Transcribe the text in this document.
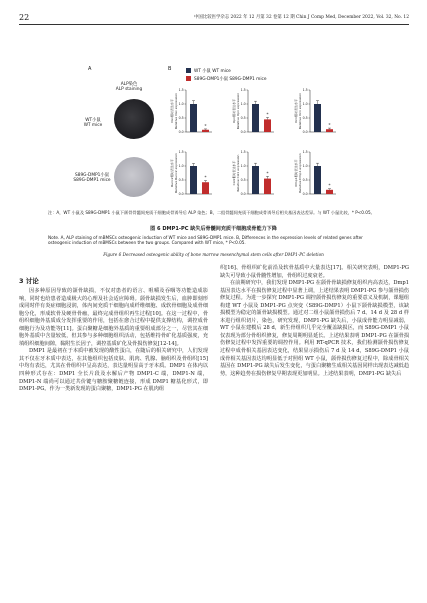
22	中国比较医学杂志 2022 年 12 月第 32 卷第 12 期 Chin J Comp Med, December 2022, Vol. 32, No. 12
A
ALP染色
ALP staining
WT小鼠
WT mice
S89G-DMP1小鼠
S89G-DMP1 mice
B	WT 小鼠 WT mice
S89G-DMP1小鼠 S89G-DMP1 mice
0.0
0.5
1.0
1.5
Osx相对表达水平 Relative Osx expression	*
0.0
0.5
1.0
1.5
Opn相对表达水平 Relative Opn expression	*
0.0
0.5
1.0
1.5
Ocn相对表达水平 Relative Ocn expression	*
0.0
0.5
1.0
1.5
Runx2相对表达水平 Relative Runx2 expression	*
0.0
0.5
1.0
1.5
Col1相对表达水平 Relative Col1 expression	*
0.0
0.5
1.0
1.5
Dmp1相对表达水平 Relative Dmp1 expression	*
注：A，WT 小鼠及 S89G-DMP1 小鼠下颌骨骨髓间充质干细胞成骨诱导后 ALP 染色；B，二组骨髓间充质干细胞成骨诱导后相关基因表达差异。与 WT 小鼠比较，* P<0.05。
图 6 DMP1-PC 缺失后骨髓间充质干细胞成骨能力下降
Note. A, ALP staining of mBMSCs osteogenic induction of WT mice and S89G-DMP1 mice. B, Differences in the expression levels of related genes after osteogenic induction of mBMSCs between the two groups. Compared with WT mice, * P<0.05.
Figure 6 Decreased osteogenic ability of bone marrow mesenchymal stem cells after DMP1-PC deletion
3 讨论

因多种原因导致的颌骨缺损，不仅对患者的语言、咀嚼及吞咽等功能造成影响，同时也给患者造成极大的心理及社会适应障碍。颌骨缺损发生后，血肿即刻形成同时伴有炎症细胞浸润，体内间充质干细胞向成纤维细胞、成软骨细胞及成骨细胞分化，形成软骨及硬骨骨痂，最终完成骨组织再生过程[10]。在这一过程中，骨组织细胞外基质成分发挥重要的作用，包括在愈合过程中提供支撑结构，调控成骨细胞行为及功能等[11]。蛋白聚糖是细胞外基质的重要组成部分之一，尽管其在细胞外基质中含量较低，但其参与多种细胞组织活动，包括维持骨矿化基质强度，充填组织细胞间隙，黏附生长因子，调控基质矿化及骨损伤修复[12-14]。

DMP1 是最初在于本质中被发现的酸性蛋白，在随后的相关研究中，人们发现其不仅在牙本质中表达，在其他组织包括皮肤、肌肉、乳腺、脑组织及骨组织[15]中均有表达，尤其在骨组织中呈高表达，表达量明显高于牙本质。DMP1 在体内以四种形式存在：DMP1 全长片段及水解后产物 DMP1-C 端，DMP1-N 端，DMP1-N 端尚可以通过共价键与糖胺聚糖链连接，形成 DMP1 糖基化形式，即 DMP1-PG。作为一类新发现的蛋白聚糖，DMP1-PG 在肌肉组

织[16]、骨组织矿化前沿及软骨基质中大量表达[17]。相关研究表明，DMP1-PG 缺失可导致小鼠骨髓性增加，骨组织过度衰老。

在前期研究中，我们发现 DMP1-PG 在颌骨骨缺损修复组织内高表达，Dmp1 基因表达水平在损伤修复过程中显著上调，上述结果表明 DMP1-PG 参与颌骨损伤修复过程。为进一步探究 DMP1-PG 调控颌骨损伤修复的重要意义及机制，课题组构建 WT 小鼠及 DMP1-PG 点突变（S89G-DMP1）小鼠下颌骨缺损模型，该缺损模型为稳定的颌骨缺损模型。通过对二组小鼠颌骨损伤后 7 d、14 d 及 28 d 样本进行组织切片，染色，研究发现，DMP1-PG 缺失后，小鼠成骨能力明显减弱，WT 小鼠在建模后 28 d，新生骨组织几乎完全覆盖缺损区，而 S89G-DMP1 小鼠仅表现为部分骨组织修复，修复周期明显延长。上述结果表明 DMP1-PG 在颌骨损伤修复过程中发挥重要的调控作用。利用 RT-qPCR 技术，我们检测颌骨损伤修复过程中成骨相关基因表达变化，结果显示损伤后 7 d 及 14 d，S89G-DMP1 小鼠成骨相关基因表达均明显低于对照组 WT 小鼠，颌骨损伤修复过程中，除成骨相关基因在 DMP1-PG 缺失后发生变化，与蛋白聚糖生成相关基因同样出现表达减低趋势，这种趋势在损伤修复早期表现更加明显。上述结果表明，DMP1-PG 缺失后
